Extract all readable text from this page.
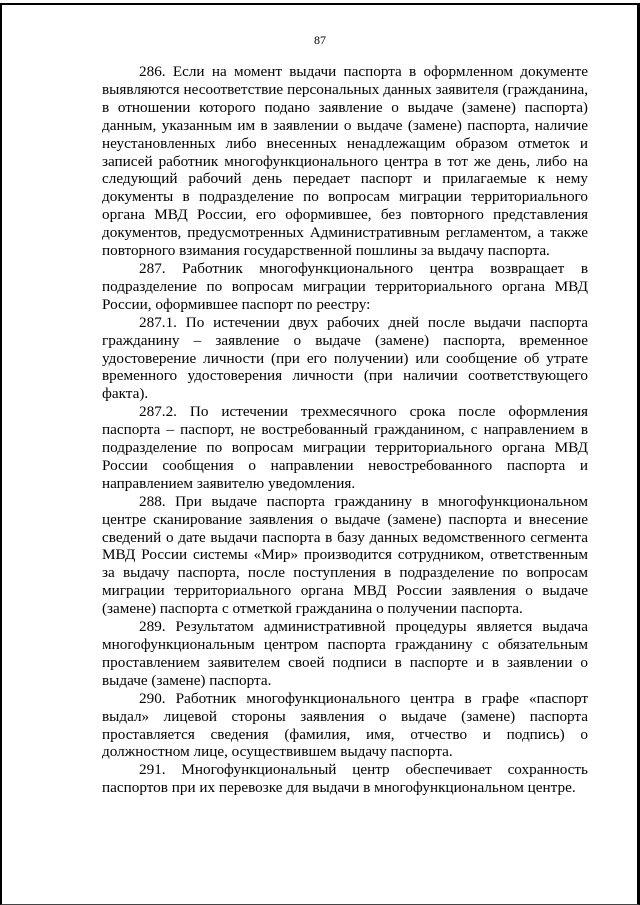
87

286. Если на момент выдачи паспорта в оформленном документе выявляются несоответствие персональных данных заявителя (гражданина, в отношении которого подано заявление о выдаче (замене) паспорта) данным, указанным им в заявлении о выдаче (замене) паспорта, наличие неустановленных либо внесенных ненадлежащим образом отметок и записей работник многофункционального центра в тот же день, либо на следующий рабочий день передает паспорт и прилагаемые к нему документы в подразделение по вопросам миграции территориального органа МВД России, его оформившее, без повторного представления документов, предусмотренных Административным регламентом, а также повторного взимания государственной пошлины за выдачу паспорта.

287. Работник многофункционального центра возвращает в подразделение по вопросам миграции территориального органа МВД России, оформившее паспорт по реестру:

287.1. По истечении двух рабочих дней после выдачи паспорта гражданину – заявление о выдаче (замене) паспорта, временное удостоверение личности (при его получении) или сообщение об утрате временного удостоверения личности (при наличии соответствующего факта).

287.2. По истечении трехмесячного срока после оформления паспорта – паспорт, не востребованный гражданином, с направлением в подразделение по вопросам миграции территориального органа МВД России сообщения о направлении невостребованного паспорта и направлением заявителю уведомления.

288. При выдаче паспорта гражданину в многофункциональном центре сканирование заявления о выдаче (замене) паспорта и внесение сведений о дате выдачи паспорта в базу данных ведомственного сегмента МВД России системы «Мир» производится сотрудником, ответственным за выдачу паспорта, после поступления в подразделение по вопросам миграции территориального органа МВД России заявления о выдаче (замене) паспорта с отметкой гражданина о получении паспорта.

289. Результатом административной процедуры является выдача многофункциональным центром паспорта гражданину с обязательным проставлением заявителем своей подписи в паспорте и в заявлении о выдаче (замене) паспорта.

290. Работник многофункционального центра в графе «паспорт выдал» лицевой стороны заявления о выдаче (замене) паспорта проставляется сведения (фамилия, имя, отчество и подпись) о должностном лице, осуществившем выдачу паспорта.

291. Многофункциональный центр обеспечивает сохранность паспортов при их перевозке для выдачи в многофункциональном центре.
